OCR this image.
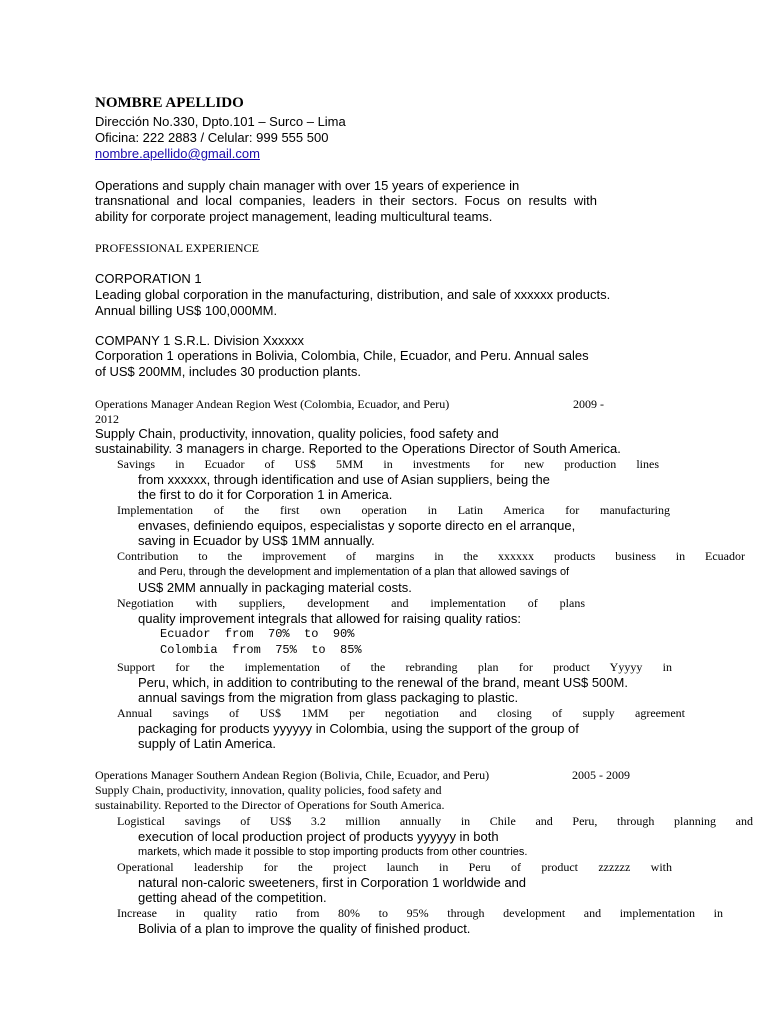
NOMBRE APELLIDO
Dirección No.330, Dpto.101 – Surco – Lima
Oficina: 222 2883 / Celular: 999 555 500
nombre.apellido@gmail.com
Operations and supply chain manager with over 15 years of experience in
transnational and local companies, leaders in their sectors. Focus on results with
ability for corporate project management, leading multicultural teams.
PROFESSIONAL EXPERIENCE
CORPORATION 1
Leading global corporation in the manufacturing, distribution, and sale of xxxxxx products.
Annual billing US$ 100,000MM.
COMPANY 1 S.R.L. Division Xxxxxx
Corporation 1 operations in Bolivia, Colombia, Chile, Ecuador, and Peru. Annual sales
of US$ 200MM, includes 30 production plants.
Operations Manager Andean Region West (Colombia, Ecuador, and Peru)	2009 -
2012
Supply Chain, productivity, innovation, quality policies, food safety and
sustainability. 3 managers in charge. Reported to the Operations Director of South America.
Savings in Ecuador of US$ 5MM in investments for new production lines
from xxxxxx, through identification and use of Asian suppliers, being the
the first to do it for Corporation 1 in America.
Implementation of the first own operation in Latin America for manufacturing
envases, definiendo equipos, especialistas y soporte directo en el arranque,
saving in Ecuador by US$ 1MM annually.
Contribution to the improvement of margins in the xxxxxx products business in Ecuador
and Peru, through the development and implementation of a plan that allowed savings of
US$ 2MM annually in packaging material costs.
Negotiation with suppliers, development and implementation of plans
quality improvement integrals that allowed for raising quality ratios:
Ecuador  from  70%  to  90%
Colombia  from  75%  to  85%
Support for the implementation of the rebranding plan for product Yyyyy in
Peru, which, in addition to contributing to the renewal of the brand, meant US$ 500M.
annual savings from the migration from glass packaging to plastic.
Annual savings of US$ 1MM per negotiation and closing of supply agreement
packaging for products yyyyyy in Colombia, using the support of the group of
supply of Latin America.
Operations Manager Southern Andean Region (Bolivia, Chile, Ecuador, and Peru)	2005 - 2009
Supply Chain, productivity, innovation, quality policies, food safety and
sustainability. Reported to the Director of Operations for South America.
Logistical savings of US$ 3.2 million annually in Chile and Peru, through planning and
execution of local production project of products yyyyyy in both
markets, which made it possible to stop importing products from other countries.
Operational leadership for the project launch in Peru of product zzzzzz with
natural non-caloric sweeteners, first in Corporation 1 worldwide and
getting ahead of the competition.
Increase in quality ratio from 80% to 95% through development and implementation in
Bolivia of a plan to improve the quality of finished product.
